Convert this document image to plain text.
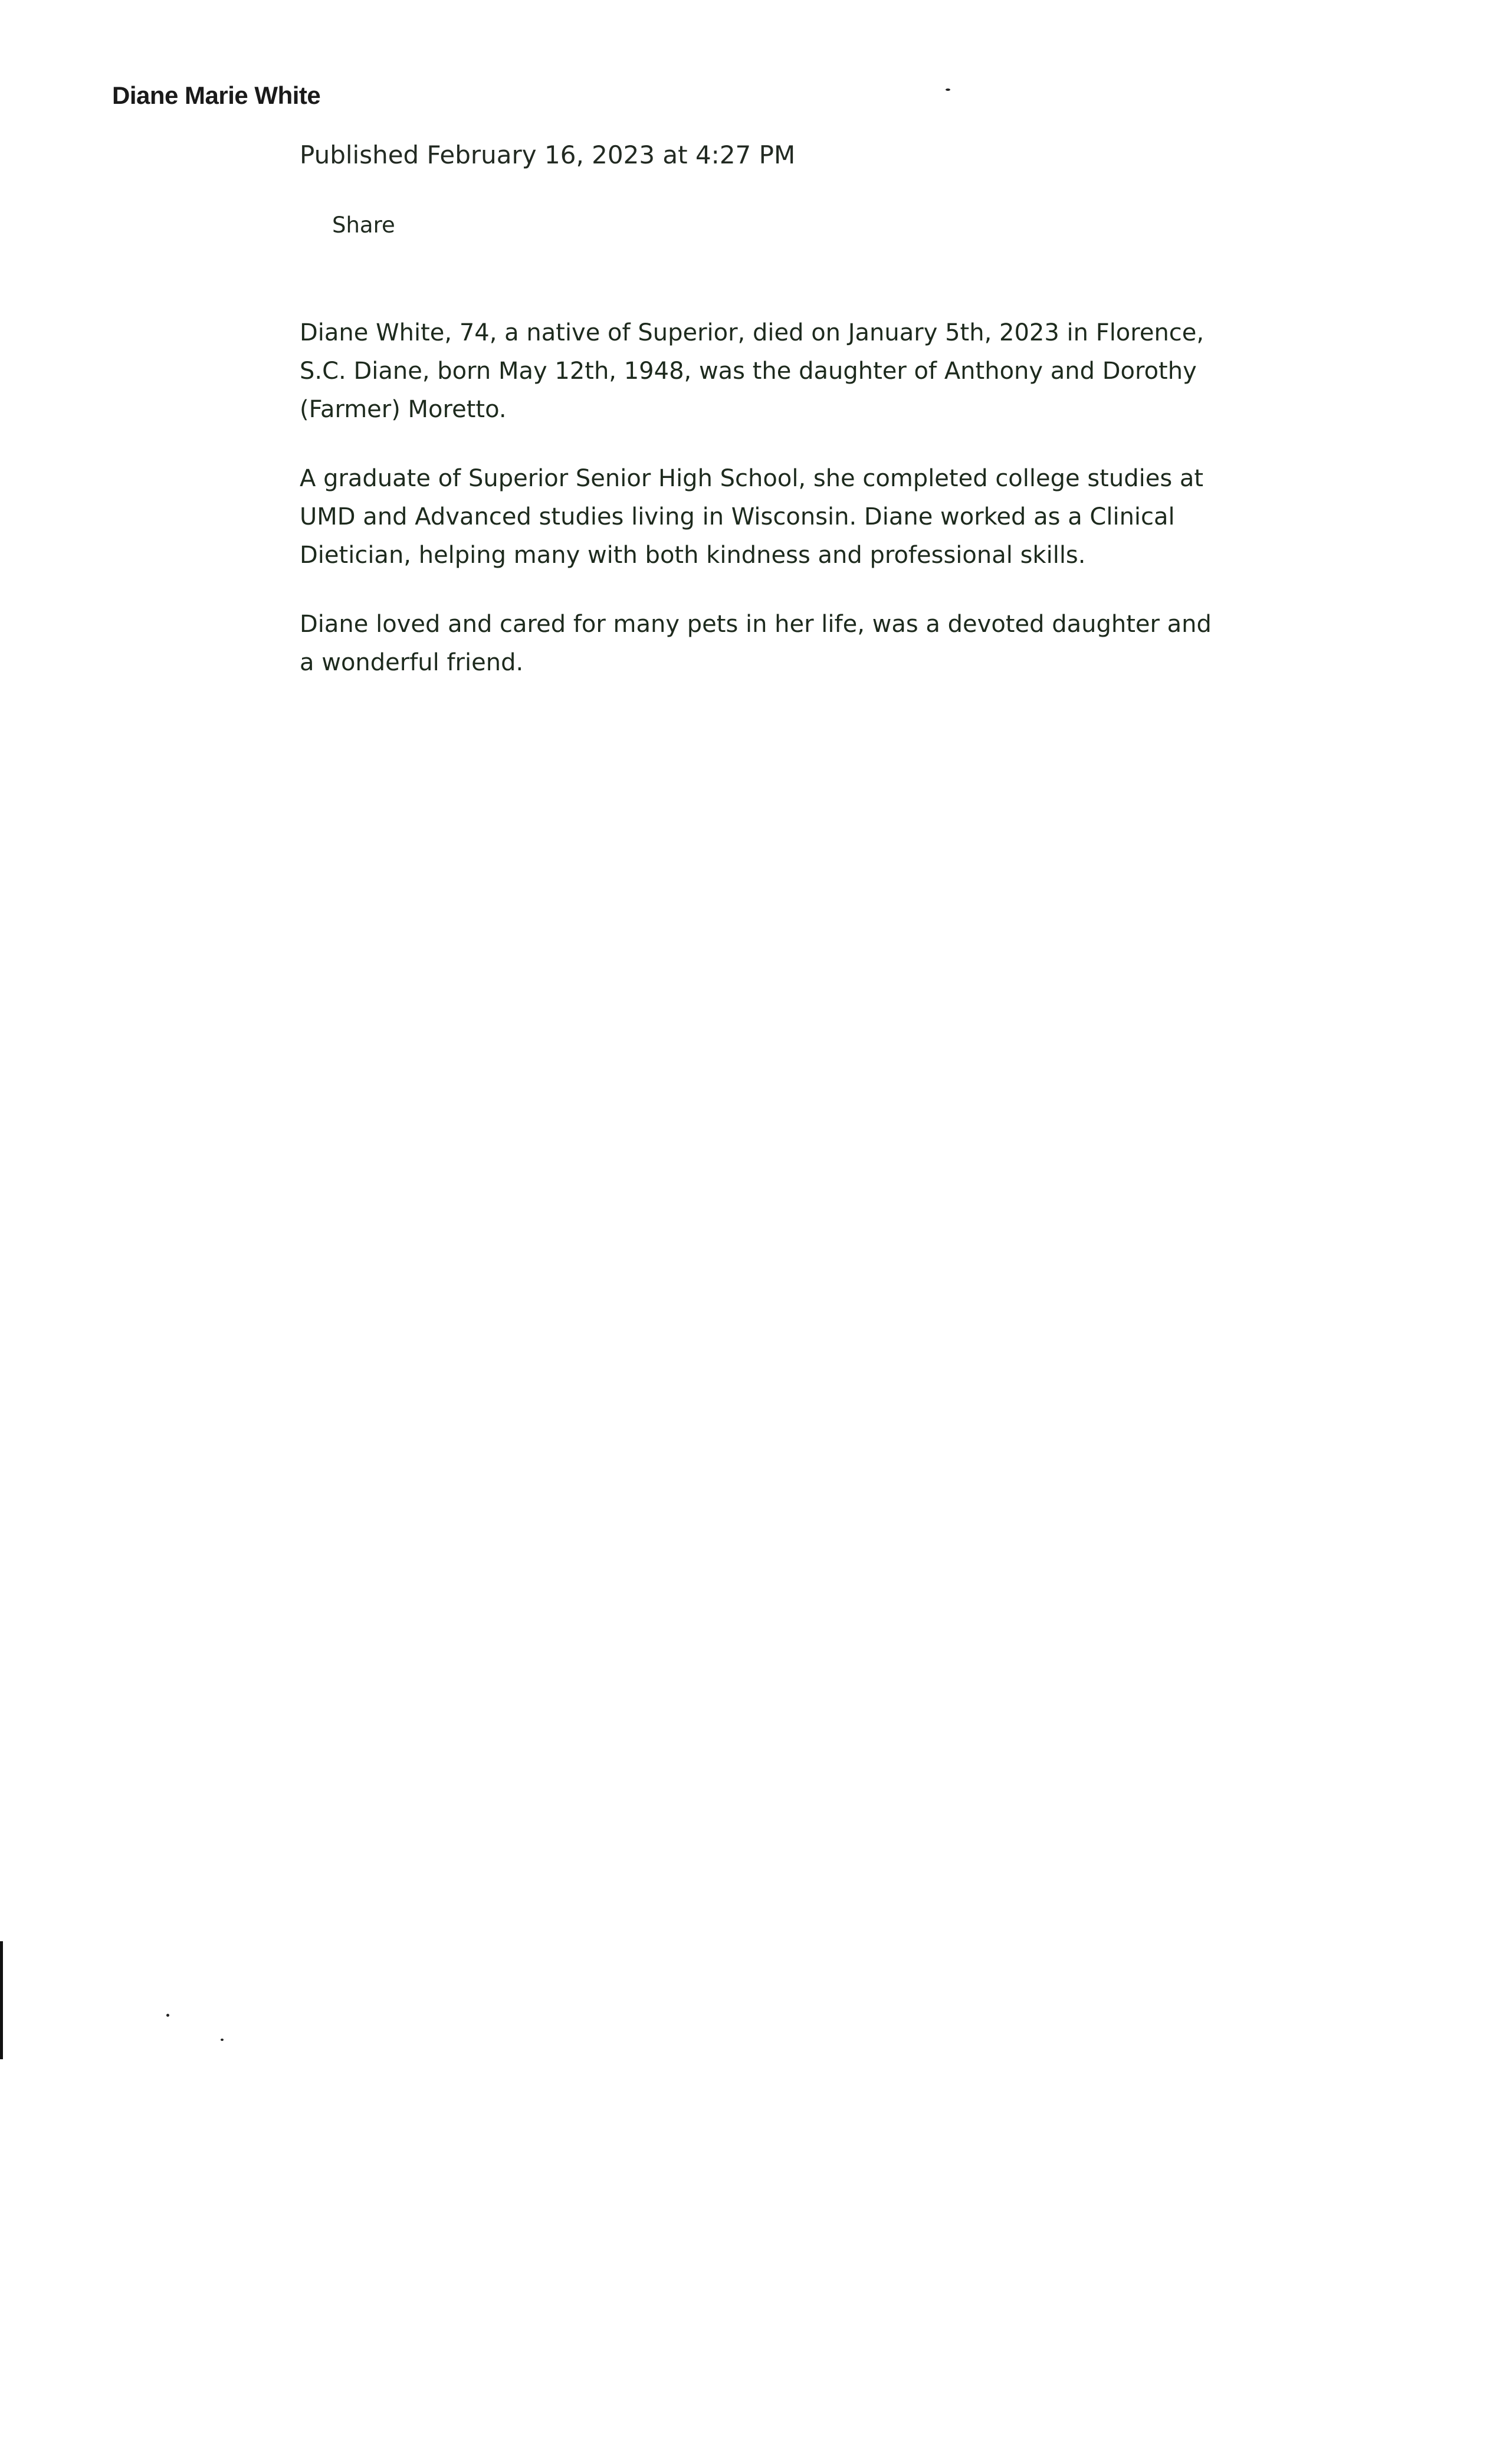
Diane Marie White
Published February 16, 2023 at 4:27 PM
Share

Diane White, 74, a native of Superior, died on January 5th, 2023 in Florence, S.C. Diane, born May 12th, 1948, was the daughter of Anthony and Dorothy (Farmer) Moretto.

A graduate of Superior Senior High School, she completed college studies at UMD and Advanced studies living in Wisconsin. Diane worked as a Clinical Dietician, helping many with both kindness and professional skills.

Diane loved and cared for many pets in her life, was a devoted daughter and a wonderful friend.
